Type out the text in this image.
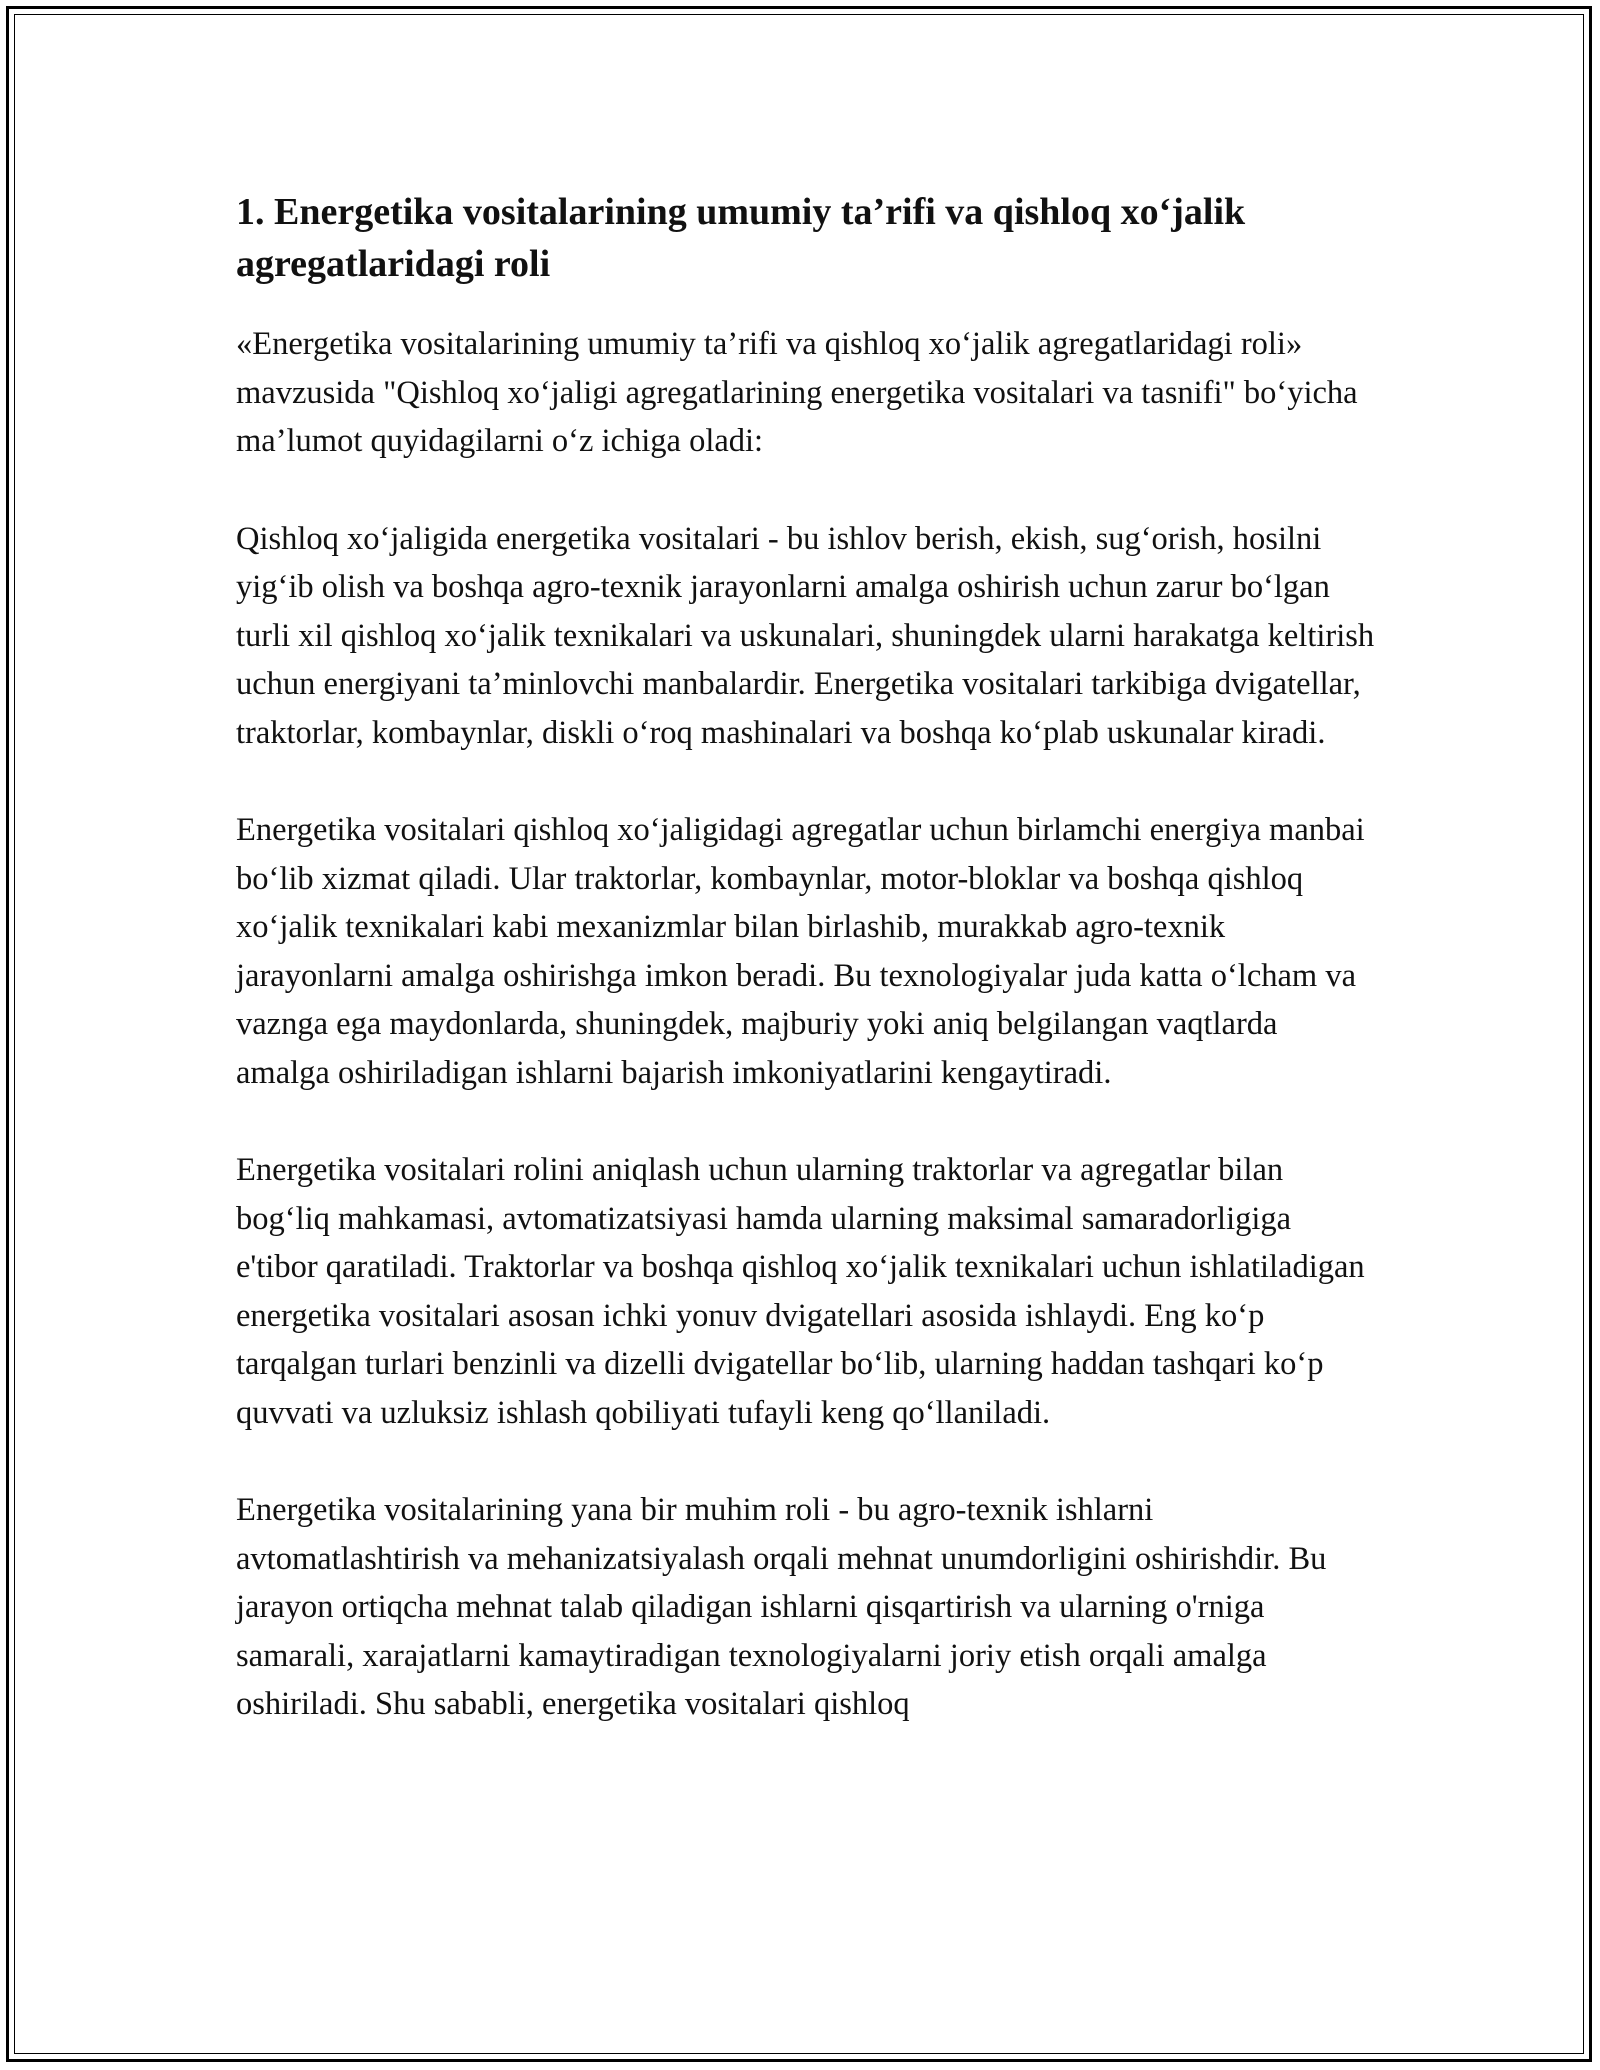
1. Energetika vositalarining umumiy ta’rifi va qishloq xo‘jalik agregatlaridagi roli

«Energetika vositalarining umumiy ta’rifi va qishloq xo‘jalik agregatlaridagi roli» mavzusida "Qishloq xo‘jaligi agregatlarining energetika vositalari va tasnifi" bo‘yicha ma’lumot quyidagilarni o‘z ichiga oladi:

Qishloq xo‘jaligida energetika vositalari - bu ishlov berish, ekish, sug‘orish, hosilni yig‘ib olish va boshqa agro-texnik jarayonlarni amalga oshirish uchun zarur bo‘lgan turli xil qishloq xo‘jalik texnikalari va uskunalari, shuningdek ularni harakatga keltirish uchun energiyani ta’minlovchi manbalardir. Energetika vositalari tarkibiga dvigatellar, traktorlar, kombaynlar, diskli o‘roq mashinalari va boshqa ko‘plab uskunalar kiradi.

Energetika vositalari qishloq xo‘jaligidagi agregatlar uchun birlamchi energiya manbai bo‘lib xizmat qiladi. Ular traktorlar, kombaynlar, motor-bloklar va boshqa qishloq xo‘jalik texnikalari kabi mexanizmlar bilan birlashib, murakkab agro-texnik jarayonlarni amalga oshirishga imkon beradi. Bu texnologiyalar juda katta o‘lcham va vaznga ega maydonlarda, shuningdek, majburiy yoki aniq belgilangan vaqtlarda amalga oshiriladigan ishlarni bajarish imkoniyatlarini kengaytiradi.

Energetika vositalari rolini aniqlash uchun ularning traktorlar va agregatlar bilan bog‘liq mahkamasi, avtomatizatsiyasi hamda ularning maksimal samaradorligiga e'tibor qaratiladi. Traktorlar va boshqa qishloq xo‘jalik texnikalari uchun ishlatiladigan energetika vositalari asosan ichki yonuv dvigatellari asosida ishlaydi. Eng ko‘p tarqalgan turlari benzinli va dizelli dvigatellar bo‘lib, ularning haddan tashqari ko‘p quvvati va uzluksiz ishlash qobiliyati tufayli keng qo‘llaniladi.

Energetika vositalarining yana bir muhim roli - bu agro-texnik ishlarni avtomatlashtirish va mehanizatsiyalash orqali mehnat unumdorligini oshirishdir. Bu jarayon ortiqcha mehnat talab qiladigan ishlarni qisqartirish va ularning o'rniga samarali, xarajatlarni kamaytiradigan texnologiyalarni joriy etish orqali amalga oshiriladi. Shu sababli, energetika vositalari qishloq
